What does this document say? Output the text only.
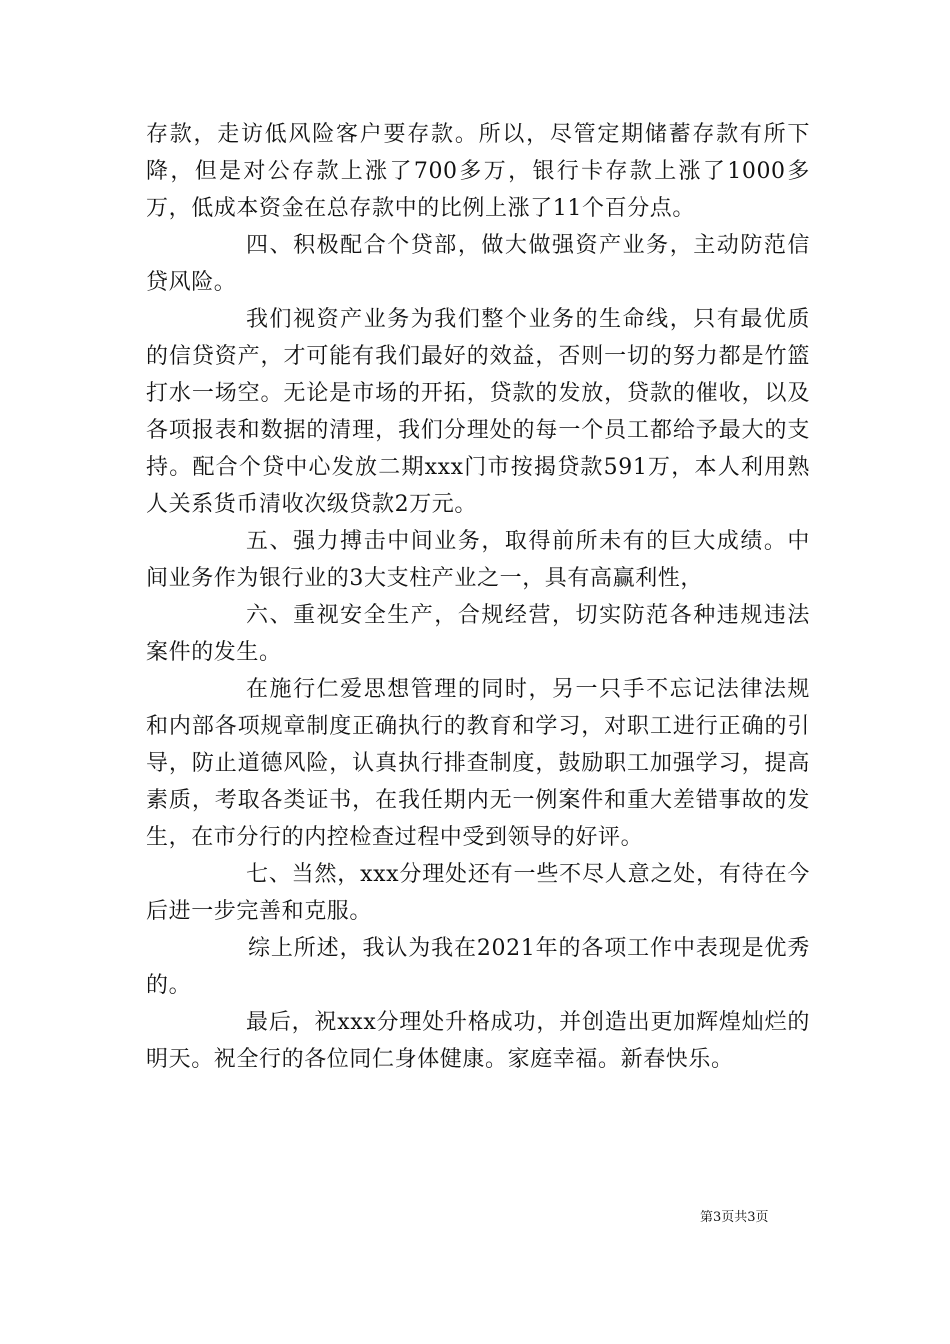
存款，走访低风险客户要存款。所以，尽管定期储蓄存款有所下降，但是对公存款上涨了700多万，银行卡存款上涨了1000多万，低成本资金在总存款中的比例上涨了11个百分点。

四、积极配合个贷部，做大做强资产业务，主动防范信贷风险。

我们视资产业务为我们整个业务的生命线，只有最优质的信贷资产，才可能有我们最好的效益，否则一切的努力都是竹篮打水一场空。无论是市场的开拓，贷款的发放，贷款的催收，以及各项报表和数据的清理，我们分理处的每一个员工都给予最大的支持。配合个贷中心发放二期xxx门市按揭贷款591万，本人利用熟人关系货币清收次级贷款2万元。

五、强力搏击中间业务，取得前所未有的巨大成绩。中间业务作为银行业的3大支柱产业之一，具有高赢利性，

六、重视安全生产，合规经营，切实防范各种违规违法案件的发生。

在施行仁爱思想管理的同时，另一只手不忘记法律法规和内部各项规章制度正确执行的教育和学习，对职工进行正确的引导，防止道德风险，认真执行排查制度，鼓励职工加强学习，提高素质，考取各类证书，在我任期内无一例案件和重大差错事故的发生，在市分行的内控检查过程中受到领导的好评。

七、当然，xxx分理处还有一些不尽人意之处，有待在今后进一步完善和克服。

综上所述，我认为我在2021年的各项工作中表现是优秀的。

最后，祝xxx分理处升格成功，并创造出更加辉煌灿烂的明天。祝全行的各位同仁身体健康。家庭幸福。新春快乐。

第3页共3页
